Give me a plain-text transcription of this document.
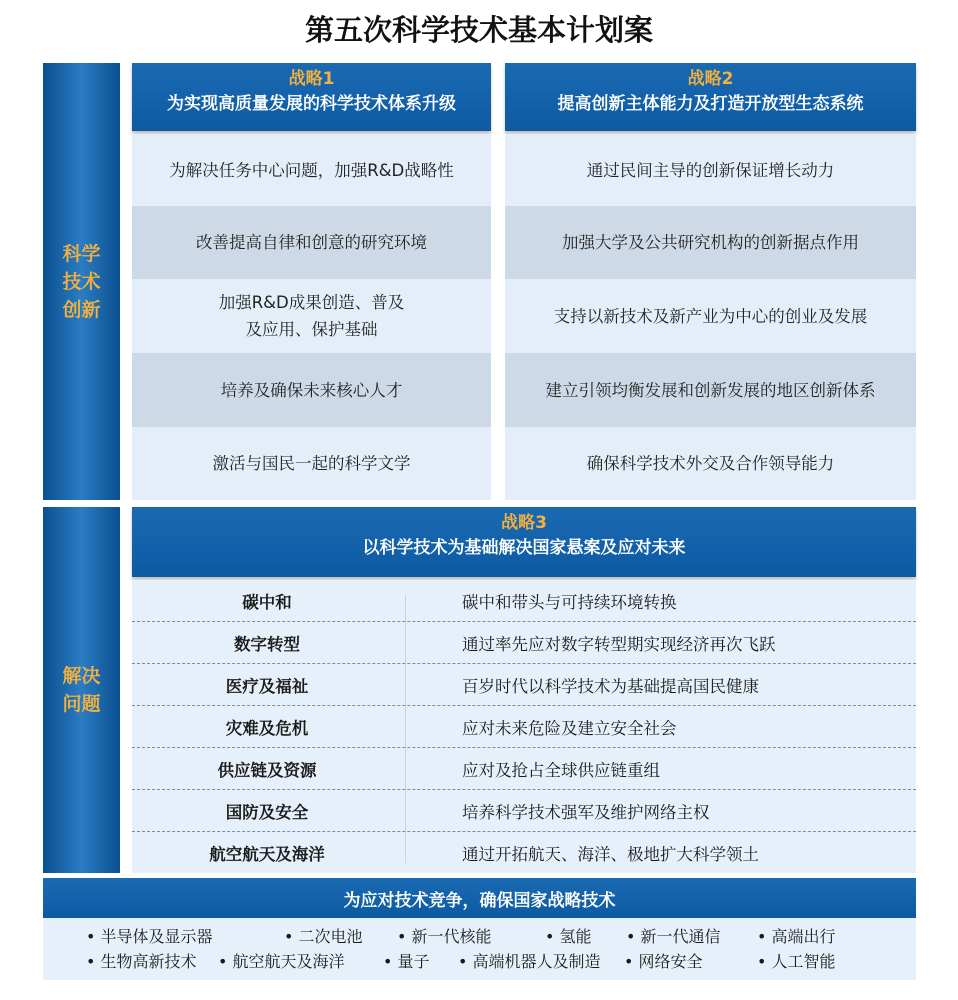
第五次科学技术基本计划案
科学
技术
创新
解决
问题
战略1
为实现高质量发展的科学技术体系升级
为解决任务中心问题，加强R&D战略性
改善提高自律和创意的研究环境
加强R&D成果创造、普及
及应用、保护基础
培养及确保未来核心人才
激活与国民一起的科学文学
战略2
提高创新主体能力及打造开放型生态系统
通过民间主导的创新保证增长动力
加强大学及公共研究机构的创新据点作用
支持以新技术及新产业为中心的创业及发展
建立引领均衡发展和创新发展的地区创新体系
确保科学技术外交及合作领导能力
战略3
以科学技术为基础解决国家悬案及应对未来
碳中和	碳中和带头与可持续环境转换
数字转型	通过率先应对数字转型期实现经济再次飞跃
医疗及福祉	百岁时代以科学技术为基础提高国民健康
灾难及危机	应对未来危险及建立安全社会
供应链及资源	应对及抢占全球供应链重组
国防及安全	培养科学技术强军及维护网络主权
航空航天及海洋	通过开拓航天、海洋、极地扩大科学领土
为应对技术竞争，确保国家战略技术
• 半导体及显示器	• 二次电池 • 新一代核能	• 氢能 • 新一代通信 • 高端出行
• 生物高新技术 • 航空航天及海洋 • 量子 • 高端机器人及制造 • 网络安全	• 人工智能
